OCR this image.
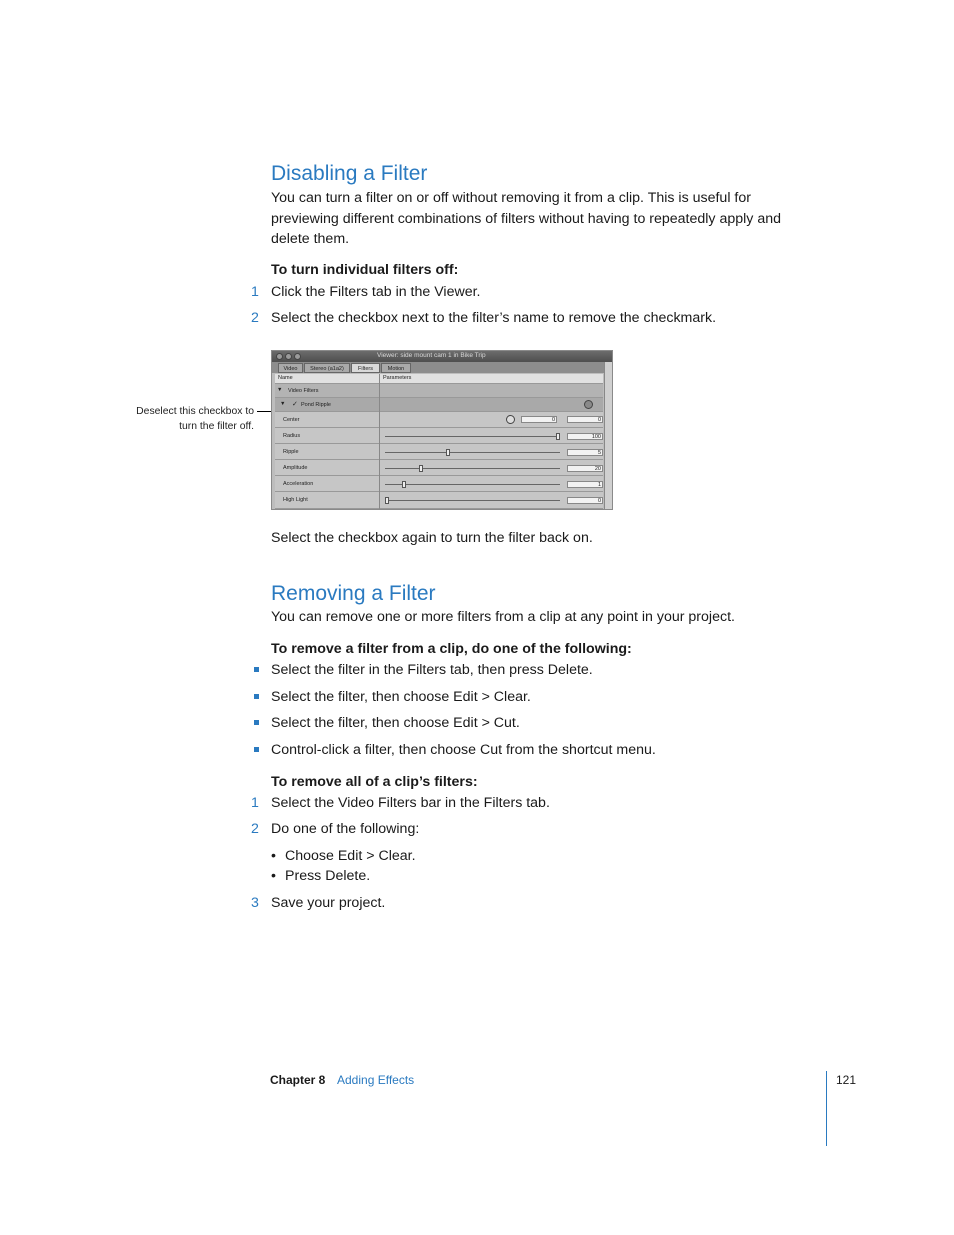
Disabling a Filter

You can turn a filter on or off without removing it from a clip. This is useful for
previewing different combinations of filters without having to repeatedly apply and
delete them.

To turn individual filters off:
1 Click the Filters tab in the Viewer.
2 Select the checkbox next to the filter’s name to remove the checkmark.
Deselect this checkbox to
turn the filter off.
Viewer: side mount cam 1 in Bike Trip
Video	Stereo (a1a2)	Filters	Motion
Name	Parameters
▼ Video Filters
▼ ✓ Pond Ripple
Center	0	0
Radius	100
Ripple	5
Amplitude	20
Acceleration	1
High Light	0

Select the checkbox again to turn the filter back on.

Removing a Filter

You can remove one or more filters from a clip at any point in your project.

To remove a filter from a clip, do one of the following:
Select the filter in the Filters tab, then press Delete.
Select the filter, then choose Edit > Clear.
Select the filter, then choose Edit > Cut.
Control-click a filter, then choose Cut from the shortcut menu.
To remove all of a clip’s filters:
1 Select the Video Filters bar in the Filters tab.
2 Do one of the following:
• Choose Edit > Clear.
• Press Delete.
3 Save your project.
Chapter 8 Adding Effects	121
